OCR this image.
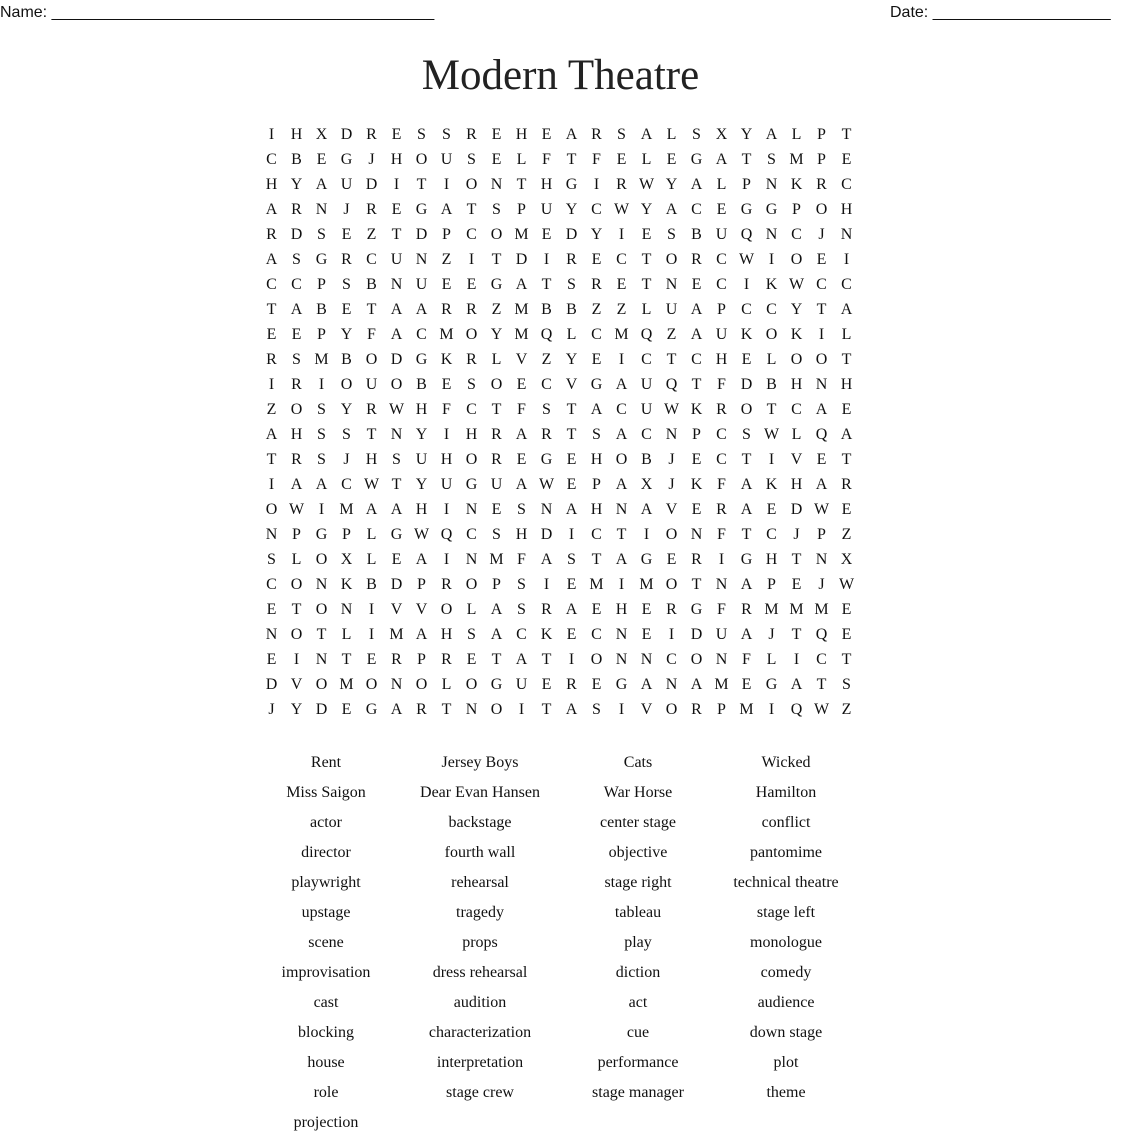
Name: ___________________________________________	Date: ____________________
Modern Theatre
I	H X D R E S	S R E H E A R S A L S X Y A L P T
C B E G	J	H O U S E L F T F E L E G A T S M P E
H Y A U D	I	T	I	O N T H G	I	R W Y A L P N K R C
A R N	J	R E G A T S	P U Y C W Y A C E G G P O H
R D S E Z T D P C O M E D Y	I	E S B U Q N C	J	N
A S G R C U N Z	I	T D	I	R E C T O R C W I	O E	I
C C P	S B N U E E G A T S R E T N E C	I	K W C C
T A B E T A A R R Z M B B Z Z L U A P C C Y T A
E E P Y F A C M O Y M Q L C M Q Z A U K O K	I	L
R S M B O D G K R L V Z Y E	I	C T C H E L O O T
I	R	I	O U O B E S O E C V G A U Q T F D B H N H
Z O S Y R W H F C T F	S T A C U W K R O T C A E
A H S	S T N Y	I	H R A R T S A C N P C S W L Q A
T R S	J	H S U H O R E G E H O B	J	E C T	I	V E T
I	A A C W T Y U G U A W E P A X	J	K F A K H A R
O W I M A A H	I	N E S N A H N A V E R A E D W E
N P G P L G W Q C S H D	I	C T	I	O N F T C	J	P Z
S L O X L E A	I	N M F A S T A G E R	I	G H T N X
C O N K B D P R O P	S	I	E M I M O T N A P E	J W
E T O N	I	V V O L A S R A E H E R G F R M M M E
N O T L	I M A H S A C K E C N E	I	D U A	J	T Q E
E	I	N T E R P R E T A T	I	O N N C O N F L	I	C T
D V O M O N O L O G U E R E G A N A M E G A T S
J	Y D E G A R T N O	I	T A S	I	V O R P M I	Q W Z
Rent	Jersey Boys	Cats	Wicked
Miss Saigon	Dear Evan Hansen	War Horse	Hamilton
actor	backstage	center stage	conflict
director	fourth wall	objective	pantomime
playwright	rehearsal	stage right	technical theatre
upstage	tragedy	tableau	stage left
scene	props	play	monologue
improvisation	dress rehearsal	diction	comedy
cast	audition	act	audience
blocking	characterization	cue	down stage
house	interpretation	performance	plot
role	stage crew	stage manager	theme
projection
